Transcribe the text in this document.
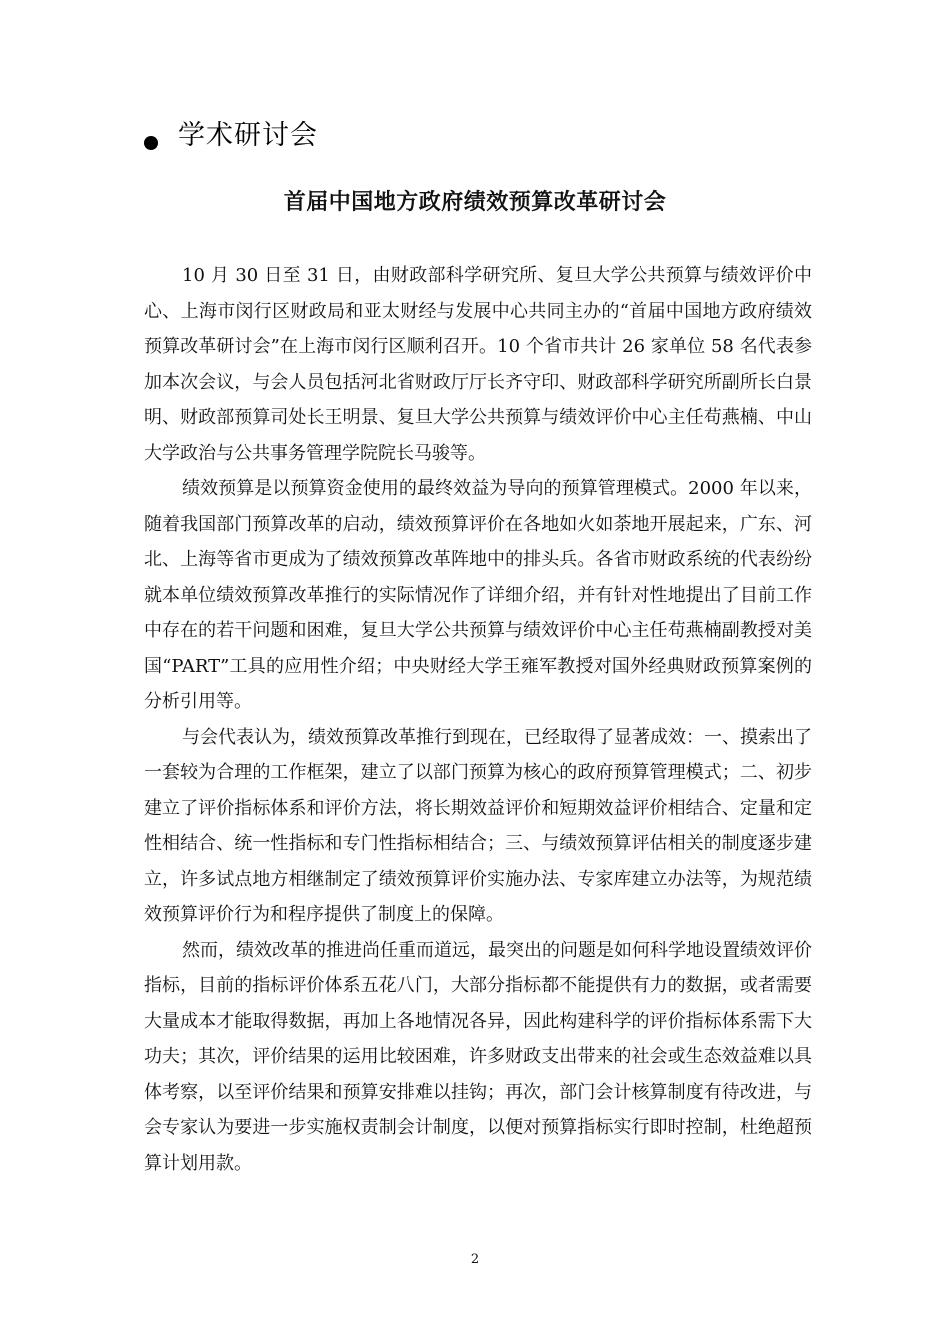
学术研讨会
首届中国地方政府绩效预算改革研讨会

10 月 30 日至 31 日，由财政部科学研究所、复旦大学公共预算与绩效评价中心、上海市闵行区财政局和亚太财经与发展中心共同主办的“首届中国地方政府绩效预算改革研讨会”在上海市闵行区顺利召开。10 个省市共计 26 家单位 58 名代表参加本次会议，与会人员包括河北省财政厅厅长齐守印、财政部科学研究所副所长白景明、财政部预算司处长王明景、复旦大学公共预算与绩效评价中心主任苟燕楠、中山大学政治与公共事务管理学院院长马骏等。

绩效预算是以预算资金使用的最终效益为导向的预算管理模式。2000 年以来，随着我国部门预算改革的启动，绩效预算评价在各地如火如荼地开展起来，广东、河北、上海等省市更成为了绩效预算改革阵地中的排头兵。各省市财政系统的代表纷纷就本单位绩效预算改革推行的实际情况作了详细介绍，并有针对性地提出了目前工作中存在的若干问题和困难，复旦大学公共预算与绩效评价中心主任苟燕楠副教授对美国“PART”工具的应用性介绍；中央财经大学王雍军教授对国外经典财政预算案例的分析引用等。

与会代表认为，绩效预算改革推行到现在，已经取得了显著成效：一、摸索出了一套较为合理的工作框架，建立了以部门预算为核心的政府预算管理模式；二、初步建立了评价指标体系和评价方法，将长期效益评价和短期效益评价相结合、定量和定性相结合、统一性指标和专门性指标相结合；三、与绩效预算评估相关的制度逐步建立，许多试点地方相继制定了绩效预算评价实施办法、专家库建立办法等，为规范绩效预算评价行为和程序提供了制度上的保障。

然而，绩效改革的推进尚任重而道远，最突出的问题是如何科学地设置绩效评价指标，目前的指标评价体系五花八门，大部分指标都不能提供有力的数据，或者需要大量成本才能取得数据，再加上各地情况各异，因此构建科学的评价指标体系需下大功夫；其次，评价结果的运用比较困难，许多财政支出带来的社会或生态效益难以具体考察，以至评价结果和预算安排难以挂钩；再次，部门会计核算制度有待改进，与会专家认为要进一步实施权责制会计制度，以便对预算指标实行即时控制，杜绝超预算计划用款。

2
